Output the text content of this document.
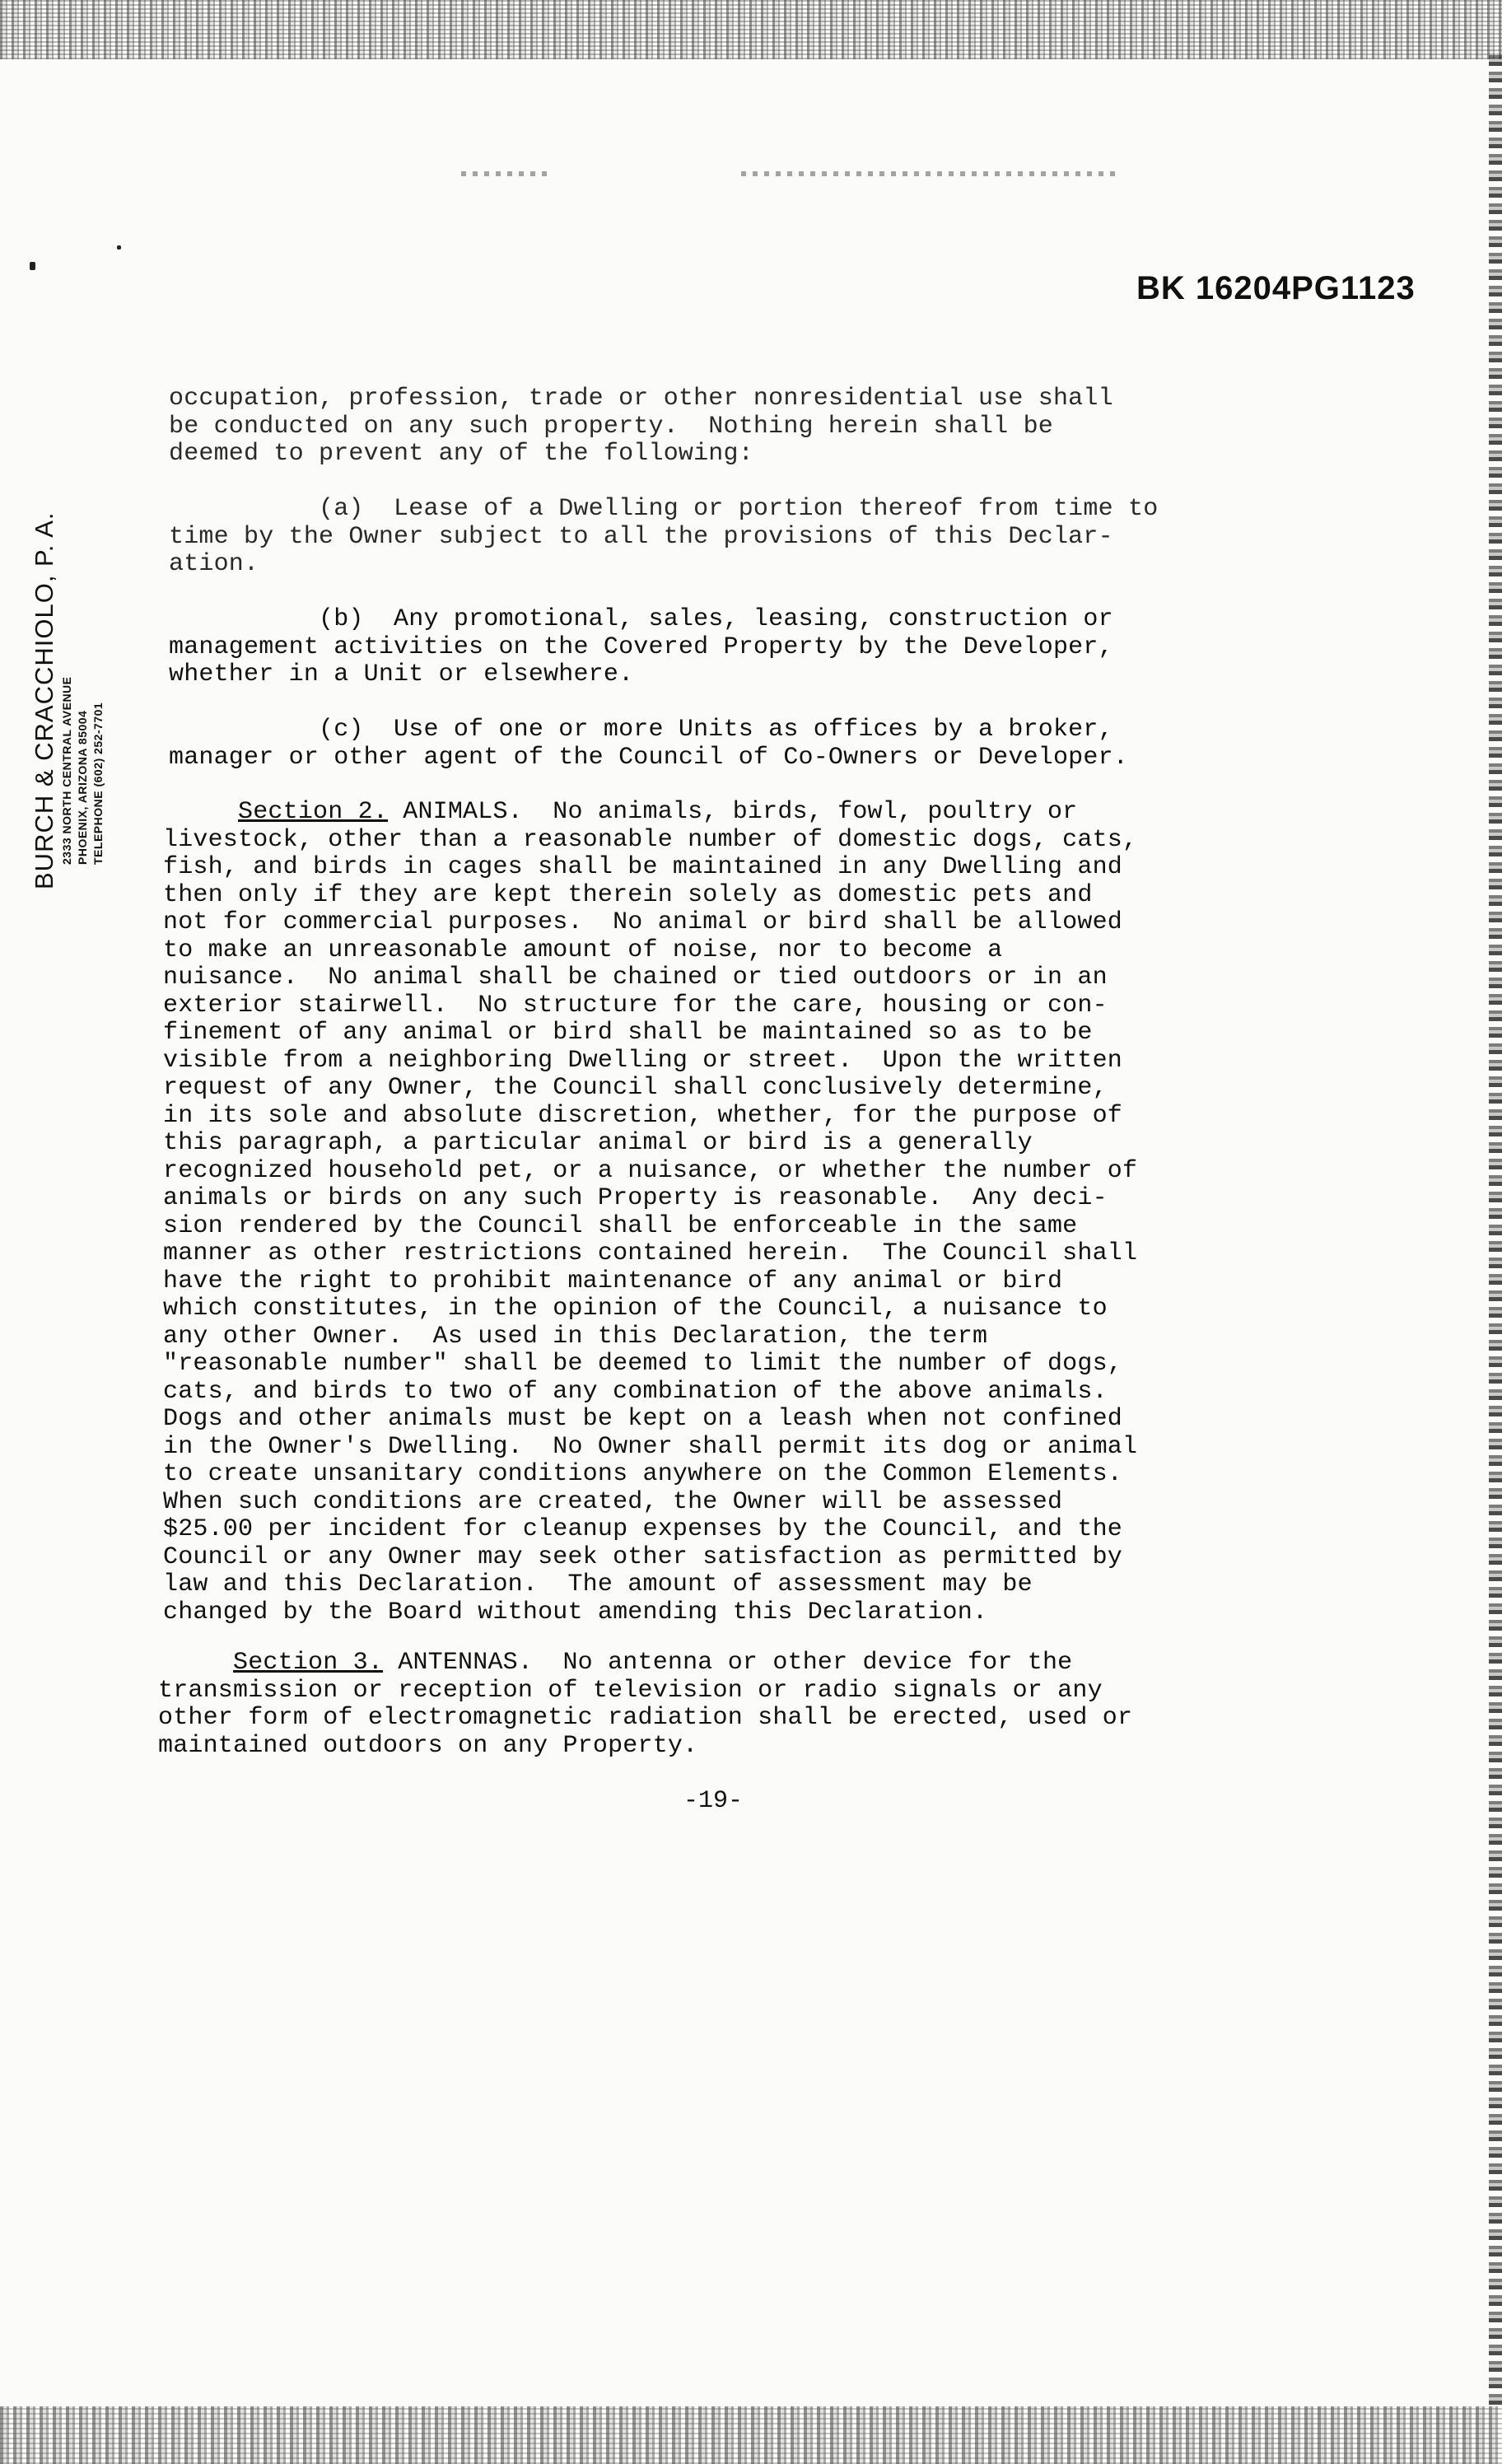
BK 16204PG1123
BURCH & CRACCHIOLO, P. A. 2333 NORTH CENTRAL AVENUE PHOENIX, ARIZONA 85004 TELEPHONE (602) 252-7701
occupation, profession, trade or other nonresidential use shall
be conducted on any such property.  Nothing herein shall be
deemed to prevent any of the following:
(a)  Lease of a Dwelling or portion thereof from time to
time by the Owner subject to all the provisions of this Declar-
ation.
(b)  Any promotional, sales, leasing, construction or
management activities on the Covered Property by the Developer,
whether in a Unit or elsewhere.
(c)  Use of one or more Units as offices by a broker,
manager or other agent of the Council of Co-Owners or Developer.
Section 2. ANIMALS.  No animals, birds, fowl, poultry or
livestock, other than a reasonable number of domestic dogs, cats,
fish, and birds in cages shall be maintained in any Dwelling and
then only if they are kept therein solely as domestic pets and
not for commercial purposes.  No animal or bird shall be allowed
to make an unreasonable amount of noise, nor to become a
nuisance.  No animal shall be chained or tied outdoors or in an
exterior stairwell.  No structure for the care, housing or con-
finement of any animal or bird shall be maintained so as to be
visible from a neighboring Dwelling or street.  Upon the written
request of any Owner, the Council shall conclusively determine,
in its sole and absolute discretion, whether, for the purpose of
this paragraph, a particular animal or bird is a generally
recognized household pet, or a nuisance, or whether the number of
animals or birds on any such Property is reasonable.  Any deci-
sion rendered by the Council shall be enforceable in the same
manner as other restrictions contained herein.  The Council shall
have the right to prohibit maintenance of any animal or bird
which constitutes, in the opinion of the Council, a nuisance to
any other Owner.  As used in this Declaration, the term
"reasonable number" shall be deemed to limit the number of dogs,
cats, and birds to two of any combination of the above animals.
Dogs and other animals must be kept on a leash when not confined
in the Owner's Dwelling.  No Owner shall permit its dog or animal
to create unsanitary conditions anywhere on the Common Elements.
When such conditions are created, the Owner will be assessed
$25.00 per incident for cleanup expenses by the Council, and the
Council or any Owner may seek other satisfaction as permitted by
law and this Declaration.  The amount of assessment may be
changed by the Board without amending this Declaration.
Section 3. ANTENNAS.  No antenna or other device for the
transmission or reception of television or radio signals or any
other form of electromagnetic radiation shall be erected, used or
maintained outdoors on any Property.
-19-
